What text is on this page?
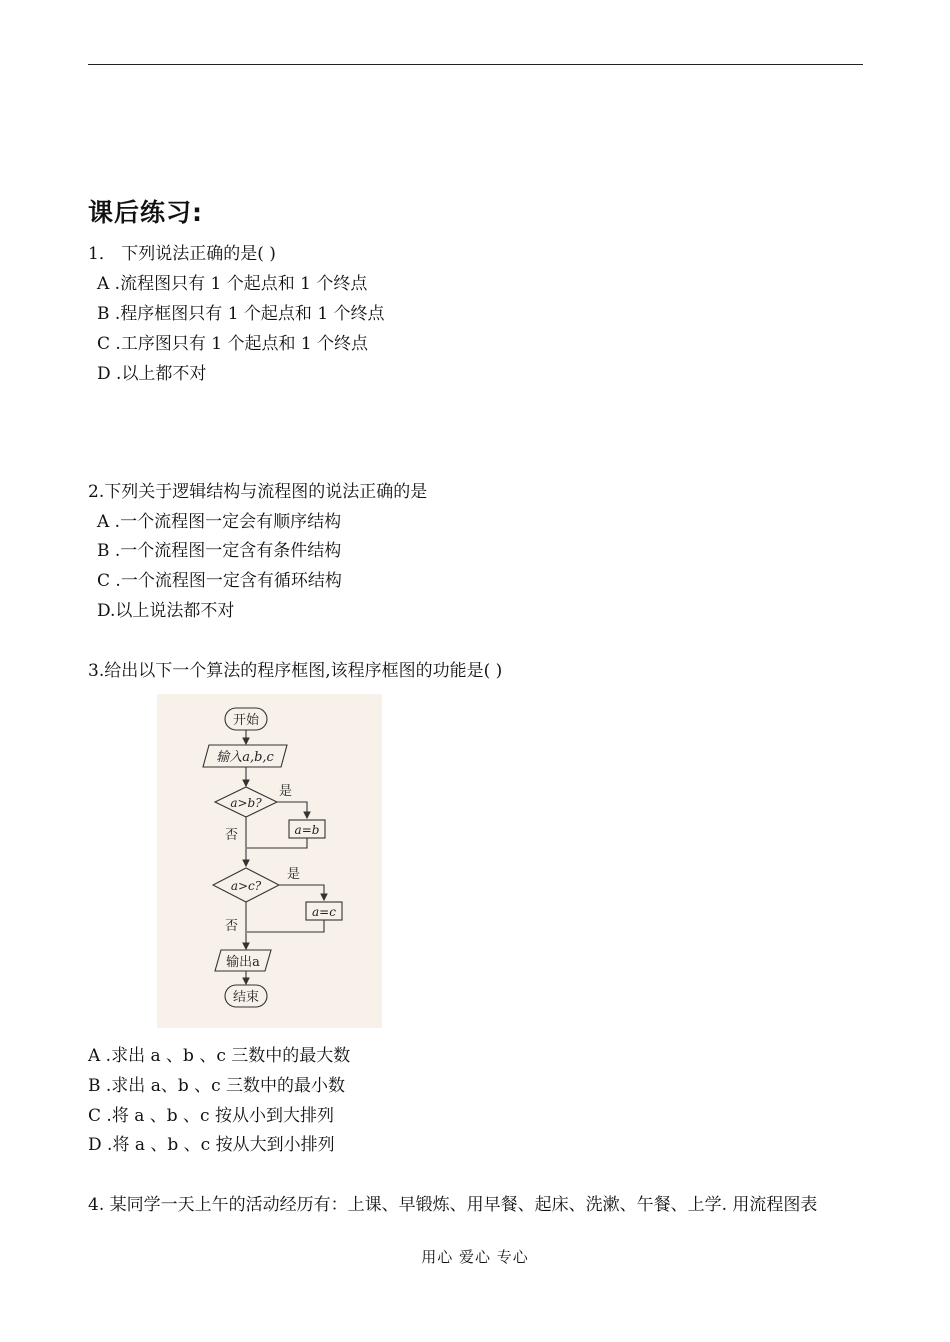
课后练习:
1． 下列说法正确的是( )
A .流程图只有 1 个起点和 1 个终点
B .程序框图只有 1 个起点和 1 个终点
C .工序图只有 1 个起点和 1 个终点
D .以上都不对
2.下列关于逻辑结构与流程图的说法正确的是
A .一个流程图一定会有顺序结构
B .一个流程图一定含有条件结构
C .一个流程图一定含有循环结构
D.以上说法都不对
3.给出以下一个算法的程序框图,该程序框图的功能是( )
开始
输入a,b,c
a>b?
是
a=b
否
a>c?
是
a=c
否
输出a
结束
A .求出 a 、b 、c 三数中的最大数
B .求出 a、b 、c 三数中的最小数
C .将 a 、b 、c 按从小到大排列
D .将 a 、b 、c 按从大到小排列
4. 某同学一天上午的活动经历有：上课、早锻炼、用早餐、起床、洗漱、午餐、上学. 用流程图表
用心 爱心 专心
